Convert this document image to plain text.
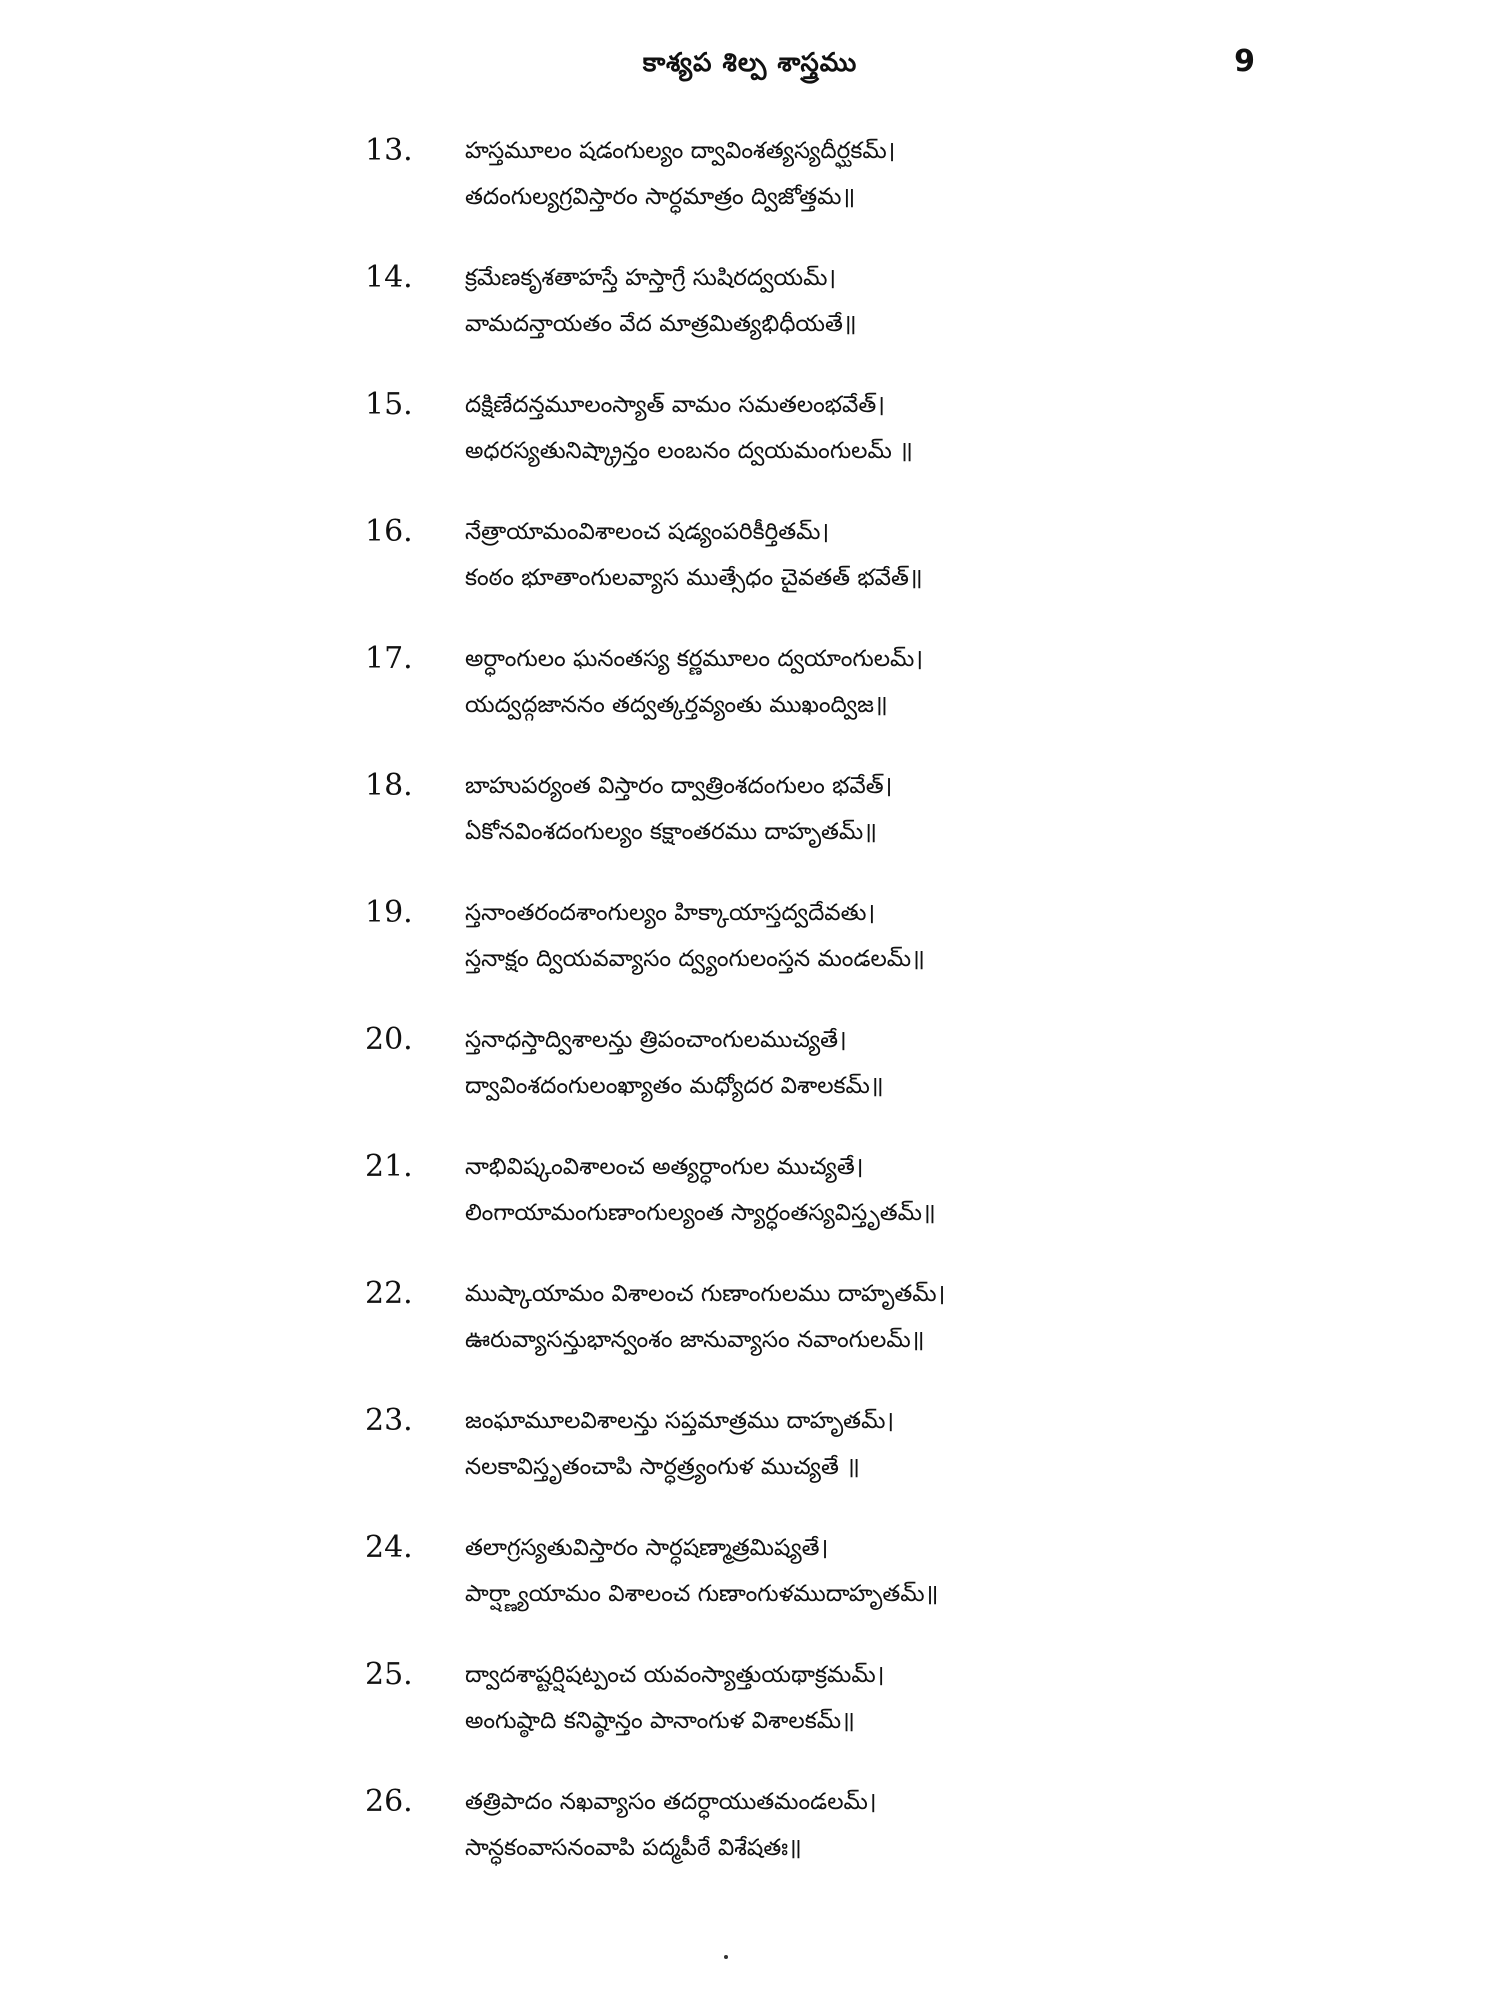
కాశ్యప శిల్ప శాస్త్రము	9
13.	హస్తమూలం షడంగుల్యం ద్వావింశత్యస్యదీర్ఘకమ్।
తదంగుల్యగ్రవిస్తారం సార్ధమాత్రం ద్విజోత్తమ॥
14.	క్రమేణకృశతాహస్తే హస్తాగ్రే సుషిరద్వయమ్।
వామదన్తాయతం వేద మాత్రమిత్యభిధీయతే॥
15.	దక్షిణేదన్తమూలంస్యాత్ వామం సమతలంభవేత్।
అధరస్యతునిష్క్రాన్తం లంబనం ద్వయమంగులమ్ ॥
16.	నేత్రాయామంవిశాలంచ షడ్యంపరికీర్తితమ్।
కంఠం భూతాంగులవ్యాస ముత్సేధం చైవతత్ భవేత్॥
17.	అర్ధాంగులం ఘనంతస్య కర్ణమూలం ద్వయాంగులమ్।
యద్వద్గజాననం తద్వత్కర్తవ్యంతు ముఖంద్విజ॥
18.	బాహుపర్యంత విస్తారం ద్వాత్రింశదంగులం భవేత్।
ఏకోనవింశదంగుల్యం కక్షాంతరము దాహృతమ్॥
19.	స్తనాంతరందశాంగుల్యం హిక్కాయాస్తద్వదేవతు।
స్తనాక్షం ద్వియవవ్యాసం ద్వ్యంగులంస్తన మండలమ్॥
20.	స్తనాధస్తాద్విశాలన్తు త్రిపంచాంగులముచ్యతే।
ద్వావింశదంగులంఖ్యాతం మధ్యోదర విశాలకమ్॥
21.	నాభివిష్కంవిశాలంచ అత్యర్ధాంగుల ముచ్యతే।
లింగాయామంగుణాంగుల్యంత స్యార్ధంతస్యవిస్తృతమ్॥
22.	ముష్కాయామం విశాలంచ గుణాంగులము దాహృతమ్।
ఊరువ్యాసన్తుభాన్వంశం జానువ్యాసం నవాంగులమ్॥
23.	జంఘామూలవిశాలన్తు సప్తమాత్రము దాహృతమ్।
నలకావిస్తృతంచాపి సార్ధత్ర్యంగుళ ముచ్యతే ॥
24.	తలాగ్రస్యతువిస్తారం సార్ధషణ్మాత్రమిష్యతే।
పార్ష్ణ్యాయామం విశాలంచ గుణాంగుళముదాహృతమ్॥
25.	ద్వాదశాష్టర్షిషట్పంచ యవంస్యాత్తుయథాక్రమమ్।
అంగుష్ఠాది కనిష్ఠాన్తం పానాంగుళ విశాలకమ్॥
26.	తత్రిపాదం నఖవ్యాసం తదర్ధాయుతమండలమ్।
సాన్ధకంవాసనంవాపి పద్మపీఠే విశేషతః॥
